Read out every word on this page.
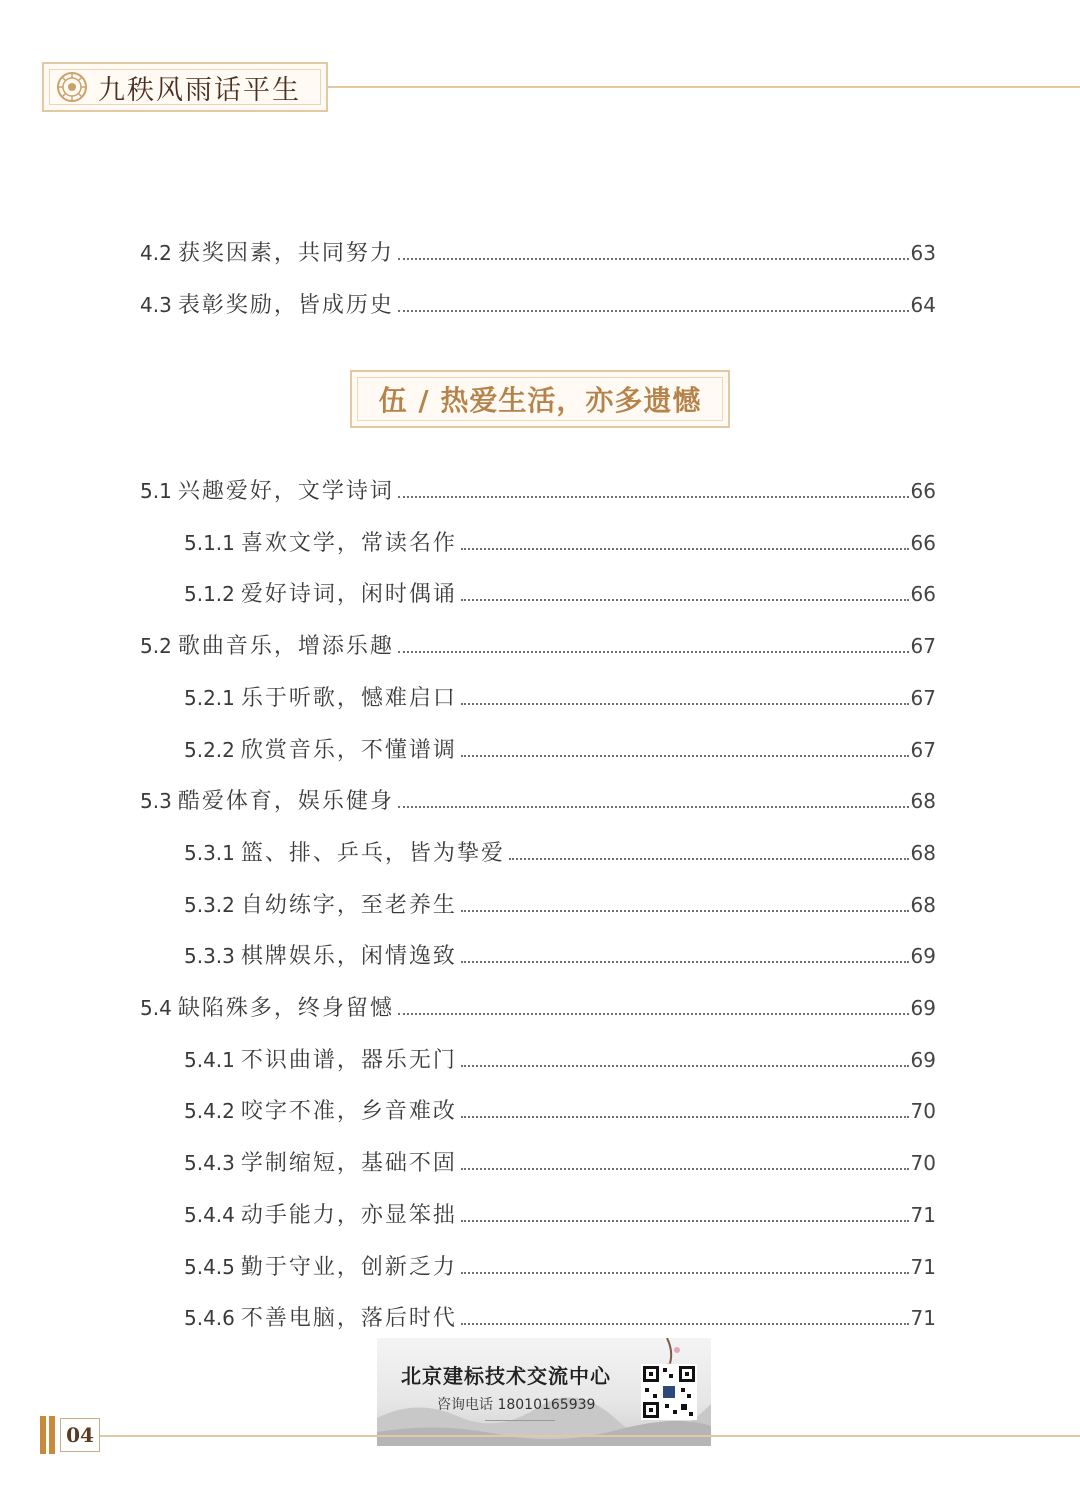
九秩风雨话平生
4.2 获奖因素，共同努力	63
4.3 表彰奖励，皆成历史	64
伍 / 热爱生活，亦多遗憾
5.1 兴趣爱好，文学诗词	66
5.1.1 喜欢文学，常读名作	66
5.1.2 爱好诗词，闲时偶诵	66
5.2 歌曲音乐，增添乐趣	67
5.2.1 乐于听歌，憾难启口	67
5.2.2 欣赏音乐，不懂谱调	67
5.3 酷爱体育，娱乐健身	68
5.3.1 篮、排、乒乓，皆为挚爱	68
5.3.2 自幼练字，至老养生	68
5.3.3 棋牌娱乐，闲情逸致	69
5.4 缺陷殊多，终身留憾	69
5.4.1 不识曲谱，器乐无门	69
5.4.2 咬字不准，乡音难改	70
5.4.3 学制缩短，基础不固	70
5.4.4 动手能力，亦显笨拙	71
5.4.5 勤于守业，创新乏力	71
5.4.6 不善电脑，落后时代	71
北京建标技术交流中心
咨询电话 18010165939
04
